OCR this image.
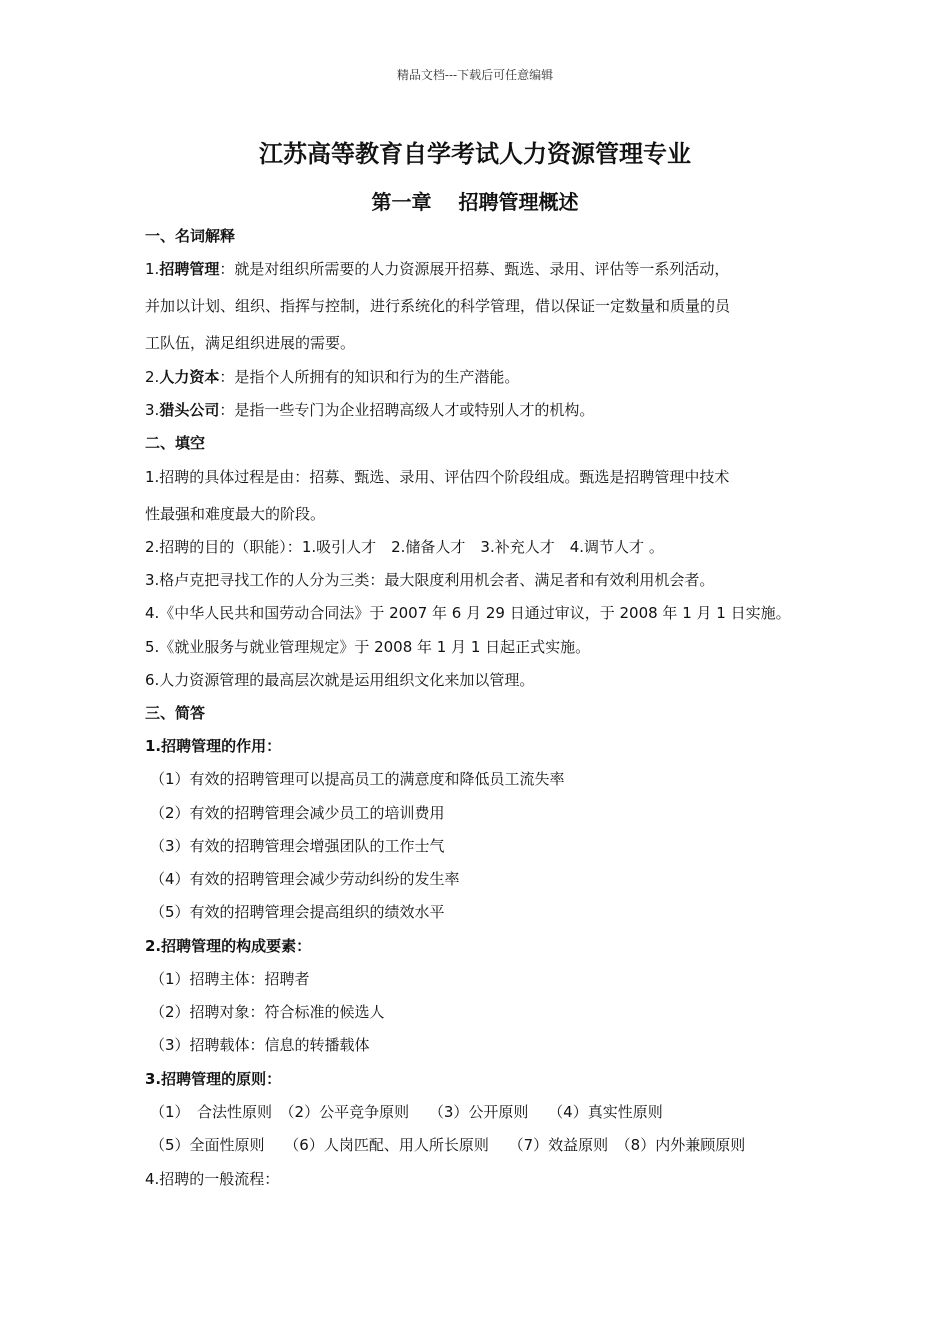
精品文档---下载后可任意编辑
江苏高等教育自学考试人力资源管理专业
第一章　 招聘管理概述
一、名词解释
1.招聘管理：就是对组织所需要的人力资源展开招募、甄选、录用、评估等一系列活动，
并加以计划、组织、指挥与控制，进行系统化的科学管理，借以保证一定数量和质量的员
工队伍，满足组织进展的需要。
2.人力资本：是指个人所拥有的知识和行为的生产潜能。
3.猎头公司：是指一些专门为企业招聘高级人才或特别人才的机构。
二、填空
1.招聘的具体过程是由：招募、甄选、录用、评估四个阶段组成。甄选是招聘管理中技术
性最强和难度最大的阶段。
2.招聘的目的（职能）：1.吸引人才　2.储备人才　3.补充人才　4.调节人才 。
3.格卢克把寻找工作的人分为三类：最大限度利用机会者、满足者和有效利用机会者。
4.《中华人民共和国劳动合同法》于 2007 年 6 月 29 日通过审议，于 2008 年 1 月 1 日实施。
5.《就业服务与就业管理规定》于 2008 年 1 月 1 日起正式实施。
6.人力资源管理的最高层次就是运用组织文化来加以管理。
三、简答
1.招聘管理的作用：
（1）有效的招聘管理可以提高员工的满意度和降低员工流失率
（2）有效的招聘管理会减少员工的培训费用
（3）有效的招聘管理会增强团队的工作士气
（4）有效的招聘管理会减少劳动纠纷的发生率
（5）有效的招聘管理会提高组织的绩效水平
2.招聘管理的构成要素：
（1）招聘主体：招聘者
（2）招聘对象：符合标准的候选人
（3）招聘载体：信息的转播载体
3.招聘管理的原则：
（1）　合法性原则　（2）公平竞争原则　 （3）公开原则　 （4）真实性原则
（5）全面性原则　 （6）人岗匹配、用人所长原则　 （7）效益原则　（8）内外兼顾原则
4.招聘的一般流程：
